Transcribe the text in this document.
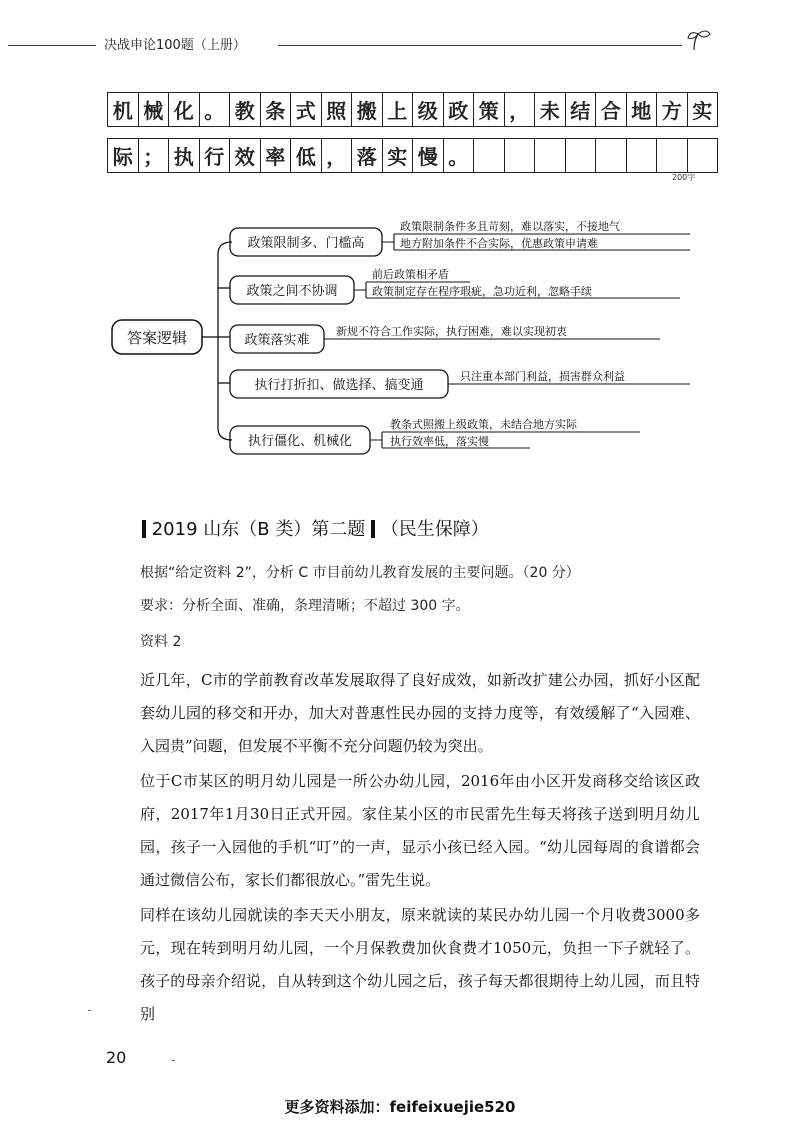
决战申论100题（上册）
机	械	化	。	教	条	式	照	搬	上	级	政	策	，	未	结	合	地	方	实
际	；	执	行	效	率	低	，	落	实	慢	。								
200字
答案逻辑
政策限制多、门槛高
政策限制条件多且苛刻，难以落实，不接地气
地方附加条件不合实际，优惠政策申请难
政策之间不协调
前后政策相矛盾
政策制定存在程序瑕疵，急功近利，忽略手续
政策落实难
新规不符合工作实际，执行困难，难以实现初衷
执行打折扣、做选择、搞变通
只注重本部门利益，损害群众利益
执行僵化、机械化
教条式照搬上级政策，未结合地方实际
执行效率低，落实慢
2019 山东（B 类）第二题 （民生保障）
根据“给定资料 2”，分析 C 市目前幼儿教育发展的主要问题。（20 分）
要求：分析全面、准确，条理清晰；不超过 300 字。
资料 2
近几年，C市的学前教育改革发展取得了良好成效，如新改扩建公办园，抓好小区配套幼儿园的移交和开办，加大对普惠性民办园的支持力度等，有效缓解了“入园难、入园贵”问题，但发展不平衡不充分问题仍较为突出。
位于C市某区的明月幼儿园是一所公办幼儿园，2016年由小区开发商移交给该区政府，2017年1月30日正式开园。家住某小区的市民雷先生每天将孩子送到明月幼儿园，孩子一入园他的手机“叮”的一声，显示小孩已经入园。“幼儿园每周的食谱都会通过微信公布，家长们都很放心。”雷先生说。
同样在该幼儿园就读的李天天小朋友，原来就读的某民办幼儿园一个月收费3000多元，现在转到明月幼儿园，一个月保教费加伙食费才1050元，负担一下子就轻了。孩子的母亲介绍说，自从转到这个幼儿园之后，孩子每天都很期待上幼儿园，而且特别
20
更多资料添加：feifeixuejie520
